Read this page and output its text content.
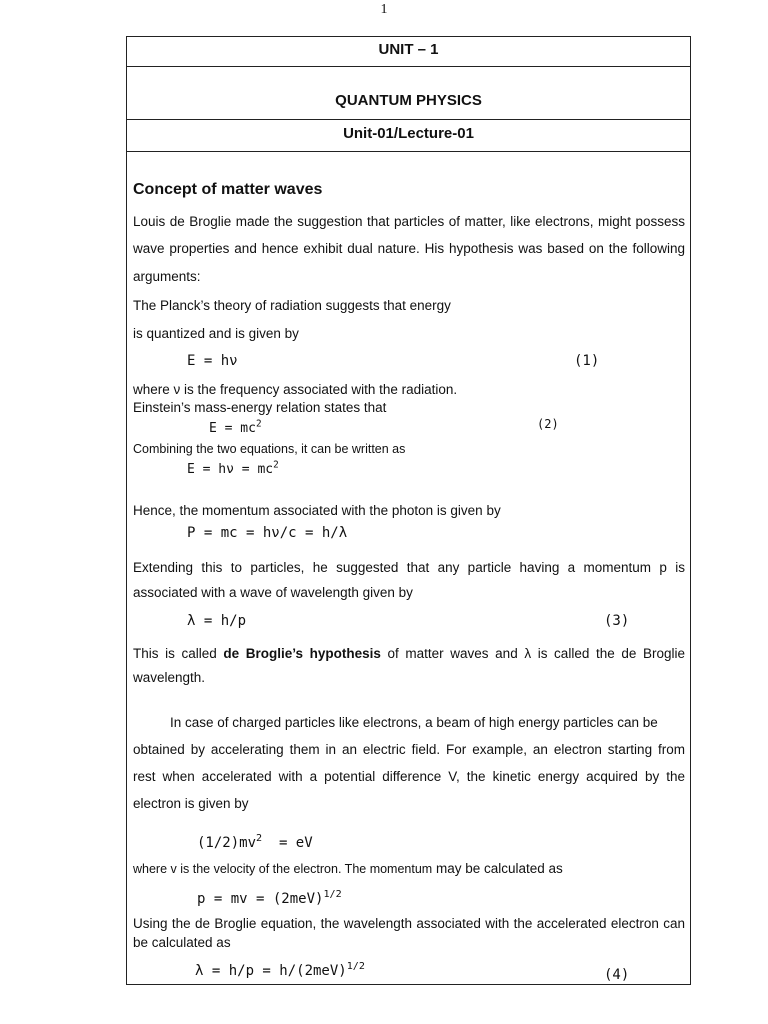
1
UNIT – 1
QUANTUM PHYSICS
Unit-01/Lecture-01
Concept of matter waves
Louis de Broglie made the suggestion that particles of matter, like electrons, might possess
wave properties and hence exhibit dual nature. His hypothesis was based on the following
arguments:
The Planck’s theory of radiation suggests that energy
is quantized and is given by
E = hν	(1)
where ν is the frequency associated with the radiation.
Einstein’s mass-energy relation states that
$E = mc^2$	(2)
Combining the two equations, it can be written as
$E = h\nu = mc^2$
Hence, the momentum associated with the photon is given by
P = mc = hν/c = h/λ
Extending this to particles, he suggested that any particle having a momentum p is
associated with a wave of wavelength given by
λ = h/p	(3)
This is called de Broglie’s hypothesis of matter waves and λ is called the de Broglie
wavelength.
In case of charged particles like electrons, a beam of high energy particles can be
obtained by accelerating them in an electric field. For example, an electron starting from
rest when accelerated with a potential difference V, the kinetic energy acquired by the
electron is given by
$(1/2)mv^2$  = eV
where v is the velocity of the electron. The momentum may be calculated as
p = mv = $(2meV)^{1/2}$
Using the de Broglie equation, the wavelength associated with the accelerated electron can
be calculated as
$\lambda = h/p = h/(2meV)^{1/2}$
(4)
